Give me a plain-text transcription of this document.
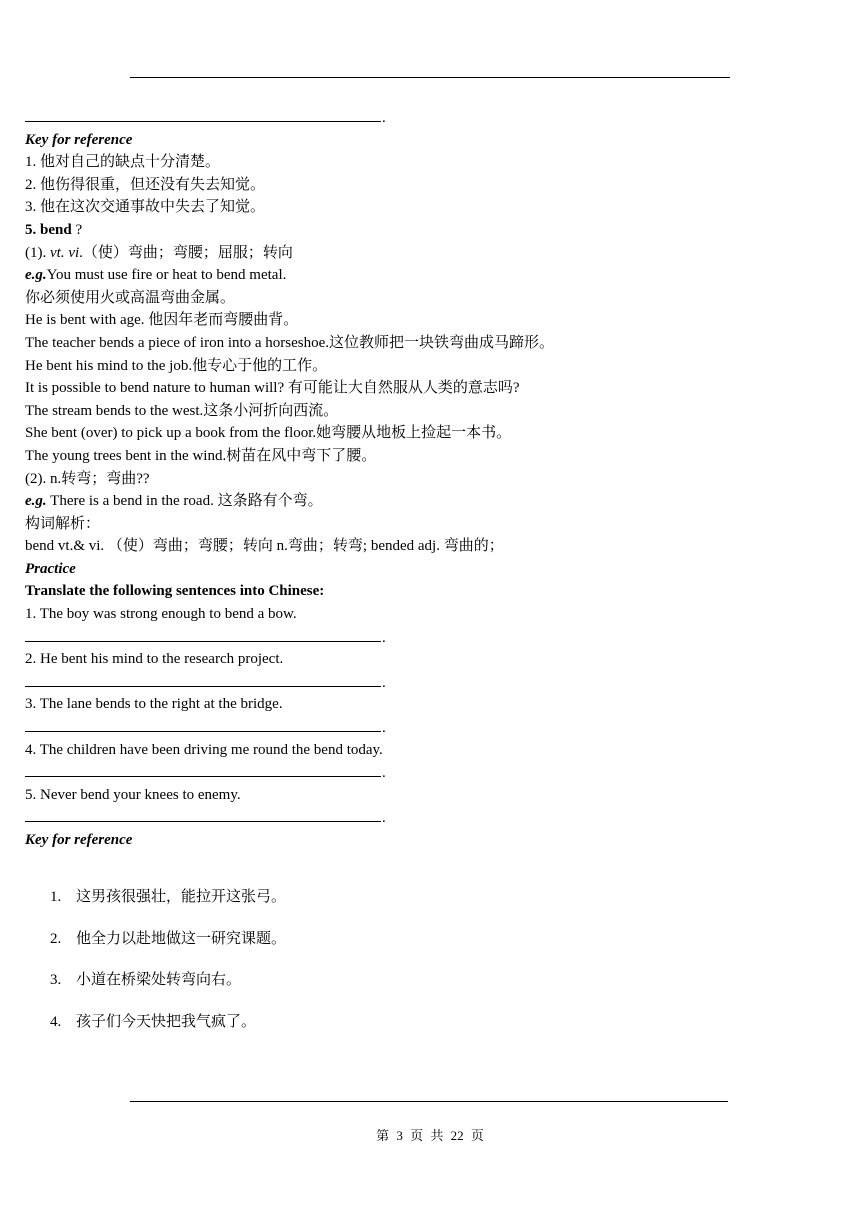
.
Key for reference
1. 他对自己的缺点十分清楚。
2. 他伤得很重，但还没有失去知觉。
3. 他在这次交通事故中失去了知觉。
5. bend ?
(1). vt. vi.（使）弯曲；弯腰；屈服；转向
e.g.You must use fire or heat to bend metal.
你必须使用火或高温弯曲金属。
He is bent with age. 他因年老而弯腰曲背。
The teacher bends a piece of iron into a horseshoe.这位教师把一块铁弯曲成马蹄形。
He bent his mind to the job.他专心于他的工作。
It is possible to bend nature to human will? 有可能让大自然服从人类的意志吗?
The stream bends to the west.这条小河折向西流。
She bent (over) to pick up a book from the floor.她弯腰从地板上捡起一本书。
The young trees bent in the wind.树苗在风中弯下了腰。
(2). n.转弯；弯曲??
e.g. There is a bend in the road. 这条路有个弯。
构词解析：
bend vt.& vi. （使）弯曲；弯腰；转向 n.弯曲；转弯; bended adj. 弯曲的；
Practice
Translate the following sentences into Chinese:
1. The boy was strong enough to bend a bow.
.
2. He bent his mind to the research project.
.
3. The lane bends to the right at the bridge.
.
4. The children have been driving me round the bend today.
.
5. Never bend your knees to enemy.
.
Key for reference
1. 这男孩很强壮，能拉开这张弓。
2. 他全力以赴地做这一研究课题。
3. 小道在桥梁处转弯向右。
4. 孩子们今天快把我气疯了。
第 3 页 共 22 页
